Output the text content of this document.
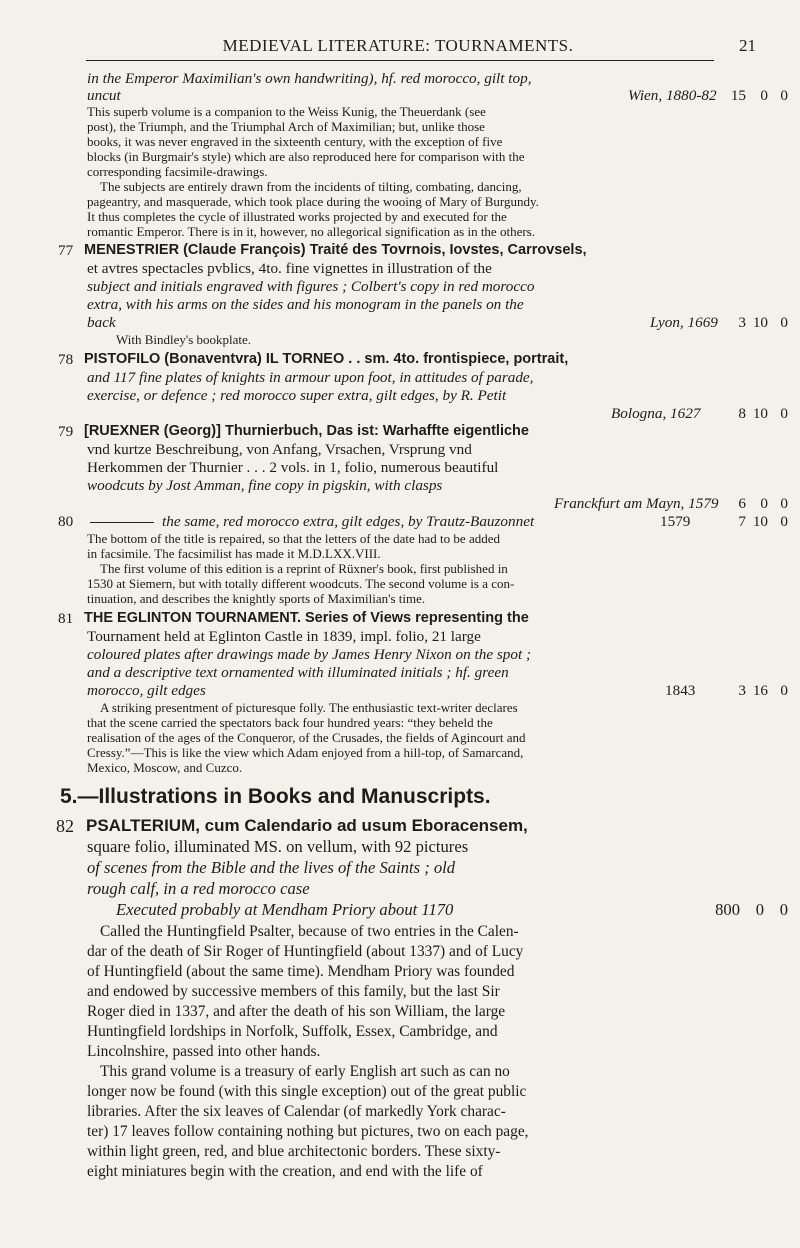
MEDIEVAL LITERATURE: TOURNAMENTS.	21
in the Emperor Maximilian's own handwriting), hf. red morocco, gilt top,
uncut	Wien, 1880-82 15 0 0
This superb volume is a companion to the Weiss Kunig, the Theuerdank (see
post), the Triumph, and the Triumphal Arch of Maximilian; but, unlike those
books, it was never engraved in the sixteenth century, with the exception of five
blocks (in Burgmair's style) which are also reproduced here for comparison with the
corresponding facsimile-drawings.
The subjects are entirely drawn from the incidents of tilting, combating, dancing,
pageantry, and masquerade, which took place during the wooing of Mary of Burgundy.
It thus completes the cycle of illustrated works projected by and executed for the
romantic Emperor. There is in it, however, no allegorical signification as in the others.
77 MENESTRIER (Claude François) Traité des Tovrnois, Iovstes, Carrovsels,
et avtres spectacles pvblics, 4to. fine vignettes in illustration of the
subject and initials engraved with figures ; Colbert's copy in red morocco
extra, with his arms on the sides and his monogram in the panels on the
back	Lyon, 1669	3 10 0
With Bindley's bookplate.
78 PISTOFILO (Bonaventvra) IL TORNEO . . sm. 4to. frontispiece, portrait,
and 117 fine plates of knights in armour upon foot, in attitudes of parade,
exercise, or defence ; red morocco super extra, gilt edges, by R. Petit
Bologna, 1627	8 10 0
79 [RUEXNER (Georg)] Thurnierbuch, Das ist: Warhaffte eigentliche
vnd kurtze Beschreibung, von Anfang, Vrsachen, Vrsprung vnd
Herkommen der Thurnier . . . 2 vols. in 1, folio, numerous beautiful
woodcuts by Jost Amman, fine copy in pigskin, with clasps
Franckfurt am Mayn, 1579	6 0 0
80	the same, red morocco extra, gilt edges, by Trautz-Bauzonnet	1579	7 10 0
The bottom of the title is repaired, so that the letters of the date had to be added
in facsimile. The facsimilist has made it M.D.LXX.VIII.
The first volume of this edition is a reprint of Rüxner's book, first published in
1530 at Siemern, but with totally different woodcuts. The second volume is a con-
tinuation, and describes the knightly sports of Maximilian's time.
81 THE EGLINTON TOURNAMENT. Series of Views representing the
Tournament held at Eglinton Castle in 1839, impl. folio, 21 large
coloured plates after drawings made by James Henry Nixon on the spot ;
and a descriptive text ornamented with illuminated initials ; hf. green
morocco, gilt edges	1843	3 16 0
A striking presentment of picturesque folly. The enthusiastic text-writer declares
that the scene carried the spectators back four hundred years: “they beheld the
realisation of the ages of the Conqueror, of the Crusades, the fields of Agincourt and
Cressy.”—This is like the view which Adam enjoyed from a hill-top, of Samarcand,
Mexico, Moscow, and Cuzco.
5.—Illustrations in Books and Manuscripts.
82 PSALTERIUM, cum Calendario ad usum Eboracensem,
square folio, illuminated MS. on vellum, with 92 pictures
of scenes from the Bible and the lives of the Saints ; old
rough calf, in a red morocco case
Executed probably at Mendham Priory about 1170	800 0 0
Called the Huntingfield Psalter, because of two entries in the Calen-
dar of the death of Sir Roger of Huntingfield (about 1337) and of Lucy
of Huntingfield (about the same time). Mendham Priory was founded
and endowed by successive members of this family, but the last Sir
Roger died in 1337, and after the death of his son William, the large
Huntingfield lordships in Norfolk, Suffolk, Essex, Cambridge, and
Lincolnshire, passed into other hands.
This grand volume is a treasury of early English art such as can no
longer now be found (with this single exception) out of the great public
libraries. After the six leaves of Calendar (of markedly York charac-
ter) 17 leaves follow containing nothing but pictures, two on each page,
within light green, red, and blue architectonic borders. These sixty-
eight miniatures begin with the creation, and end with the life of
